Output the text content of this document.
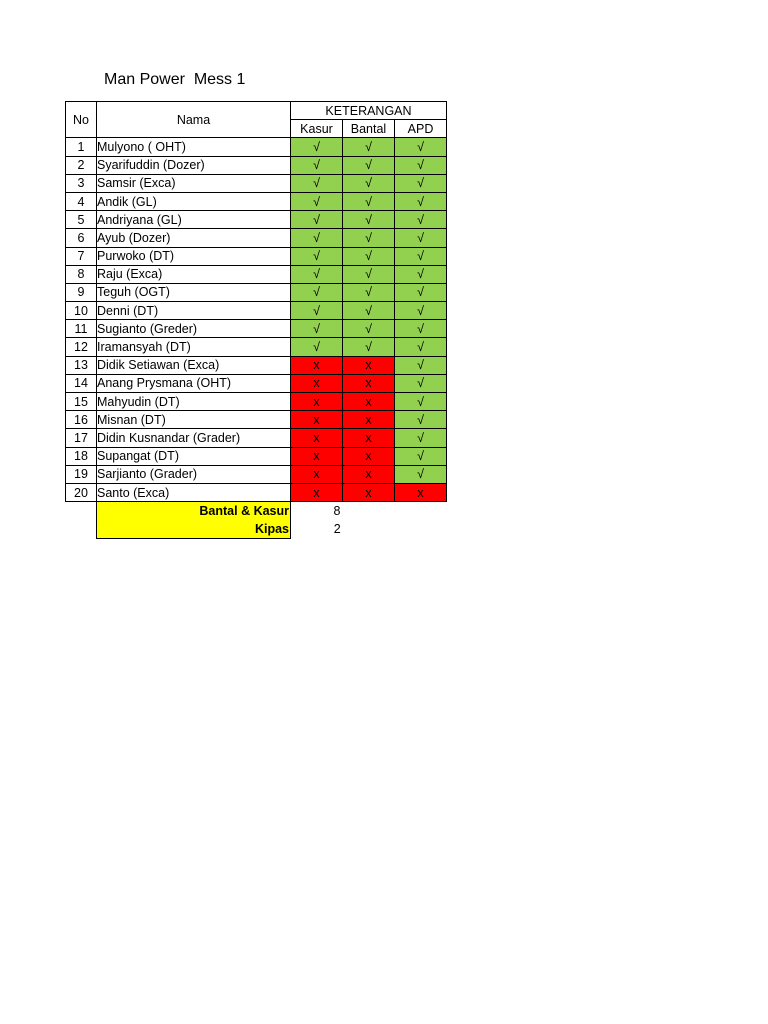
Man Power  Mess 1
No	Nama	KETERANGAN		
		Kasur	Bantal	APD
1	Mulyono ( OHT)	√	√	√
2	Syarifuddin (Dozer)	√	√	√
3	Samsir (Exca)	√	√	√
4	Andik (GL)	√	√	√
5	Andriyana (GL)	√	√	√
6	Ayub (Dozer)	√	√	√
7	Purwoko (DT)	√	√	√
8	Raju (Exca)	√	√	√
9	Teguh (OGT)	√	√	√
10	Denni (DT)	√	√	√
11	Sugianto (Greder)	√	√	√
12	Iramansyah (DT)	√	√	√
13	Didik Setiawan (Exca)	x	x	√
14	Anang Prysmana (OHT)	x	x	√
15	Mahyudin (DT)	x	x	√
16	Misnan (DT)	x	x	√
17	Didin Kusnandar (Grader)	x	x	√
18	Supangat (DT)	x	x	√
19	Sarjianto (Grader)	x	x	√
20	Santo (Exca)	x	x	x
Bantal & Kasur	8
Kipas	2
